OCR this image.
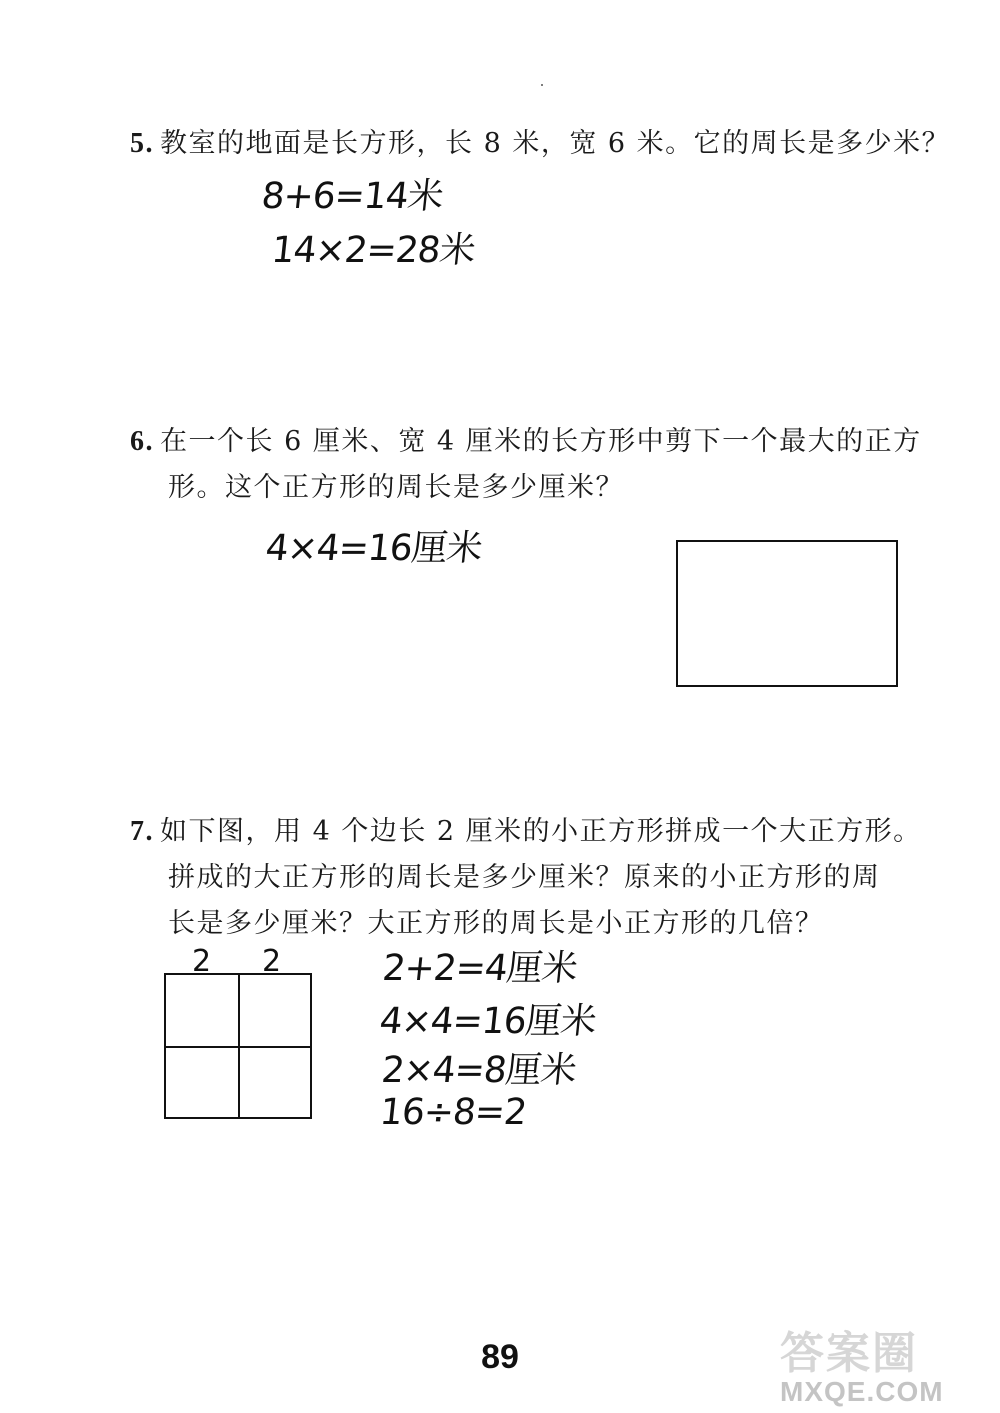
5. 教室的地面是长方形，长 8 米，宽 6 米。它的周长是多少米？
8+6=14米
14×2=28米
6. 在一个长 6 厘米、宽 4 厘米的长方形中剪下一个最大的正方
形。这个正方形的周长是多少厘米？
4×4=16厘米
7. 如下图，用 4 个边长 2 厘米的小正方形拼成一个大正方形。
拼成的大正方形的周长是多少厘米？原来的小正方形的周
长是多少厘米？大正方形的周长是小正方形的几倍？
2 2	2+2=4厘米
4×4=16厘米
2×4=8厘米
16÷8=2
89	答案圈
MXQE.COM
